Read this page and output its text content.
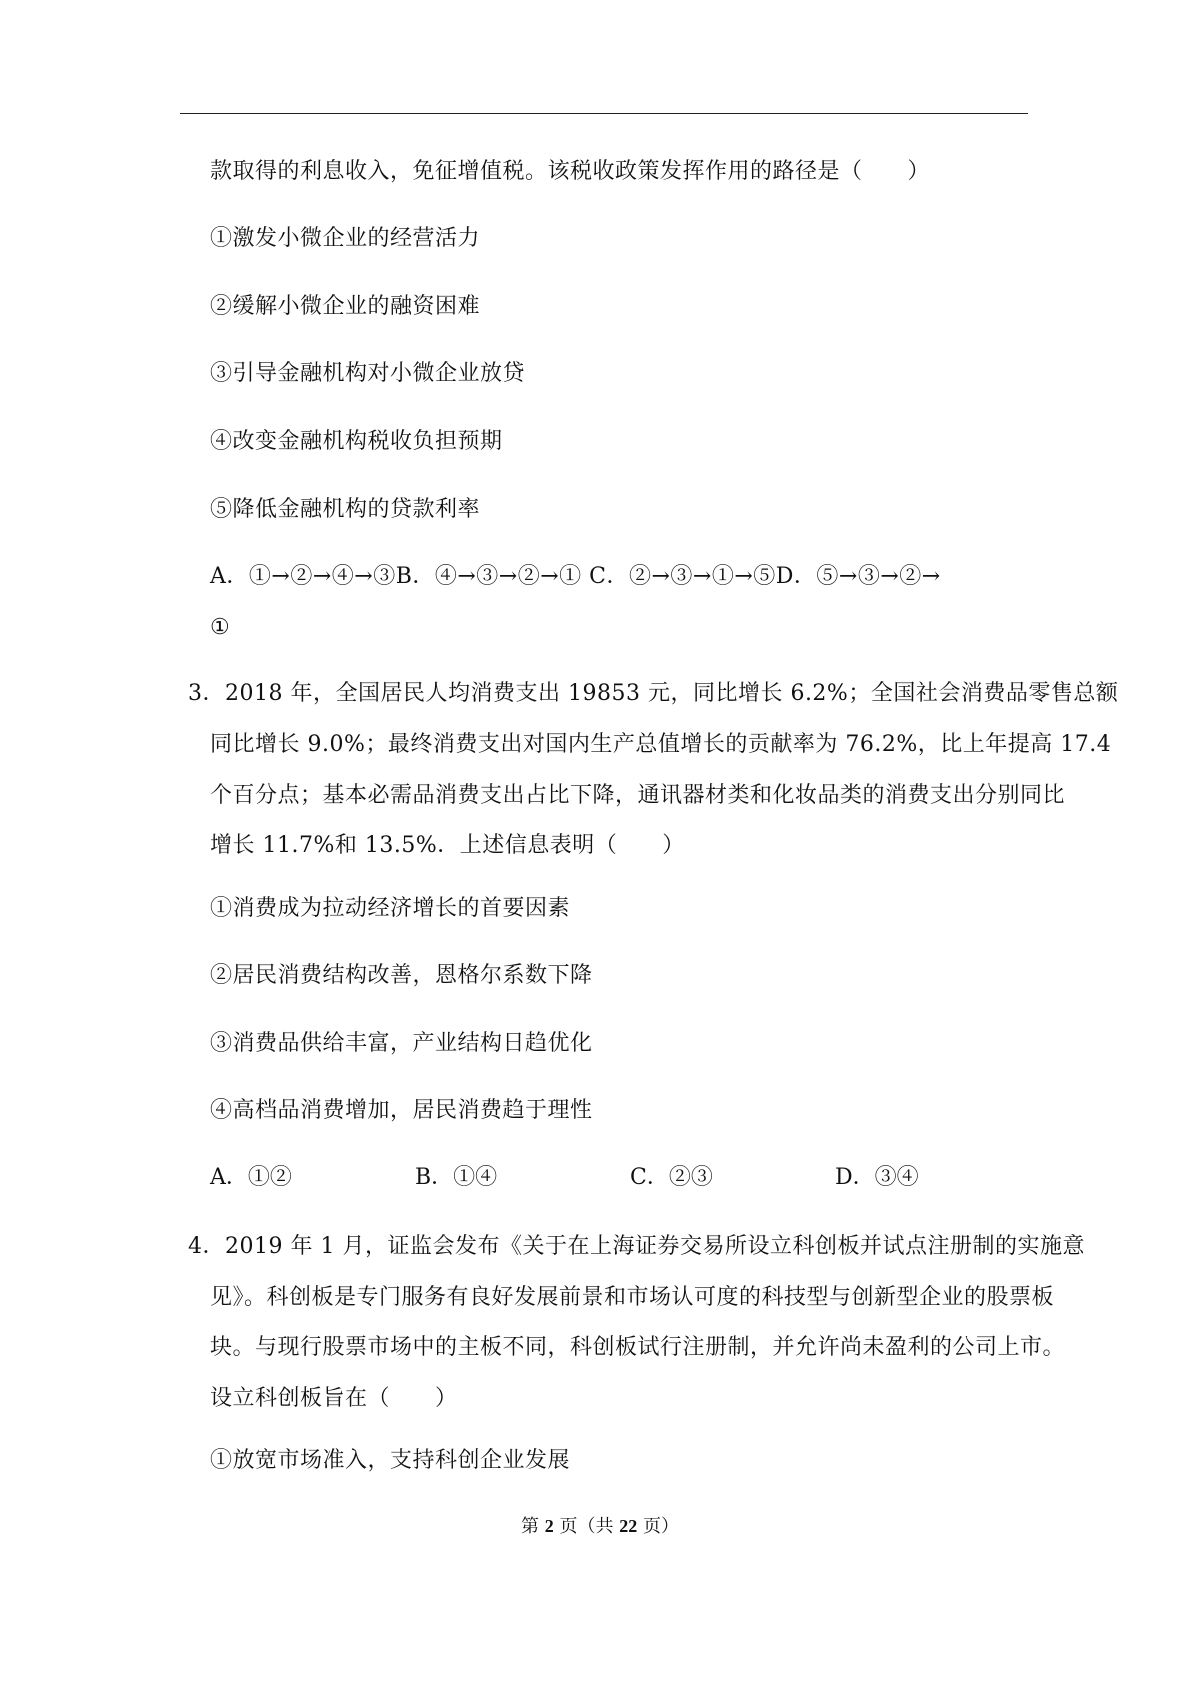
款取得的利息收入，免征增值税。该税收政策发挥作用的路径是（　　）
①激发小微企业的经营活力
②缓解小微企业的融资困难
③引导金融机构对小微企业放贷
④改变金融机构税收负担预期
⑤降低金融机构的贷款利率
A．①→②→④→③B．④→③→②→① C．②→③→①→⑤D．⑤→③→②→
①
3．2018 年，全国居民人均消费支出 19853 元，同比增长 6.2%；全国社会消费品零售总额
同比增长 9.0%；最终消费支出对国内生产总值增长的贡献率为 76.2%，比上年提高 17.4
个百分点；基本必需品消费支出占比下降，通讯器材类和化妆品类的消费支出分别同比
增长 11.7%和 13.5%．上述信息表明（　　）
①消费成为拉动经济增长的首要因素
②居民消费结构改善，恩格尔系数下降
③消费品供给丰富，产业结构日趋优化
④高档品消费增加，居民消费趋于理性
A．①②	B．①④	C．②③	D．③④
4．2019 年 1 月，证监会发布《关于在上海证券交易所设立科创板并试点注册制的实施意
见》。科创板是专门服务有良好发展前景和市场认可度的科技型与创新型企业的股票板
块。与现行股票市场中的主板不同，科创板试行注册制，并允许尚未盈利的公司上市。
设立科创板旨在（　　）
①放宽市场准入，支持科创企业发展
第 2 页（共 22 页）
